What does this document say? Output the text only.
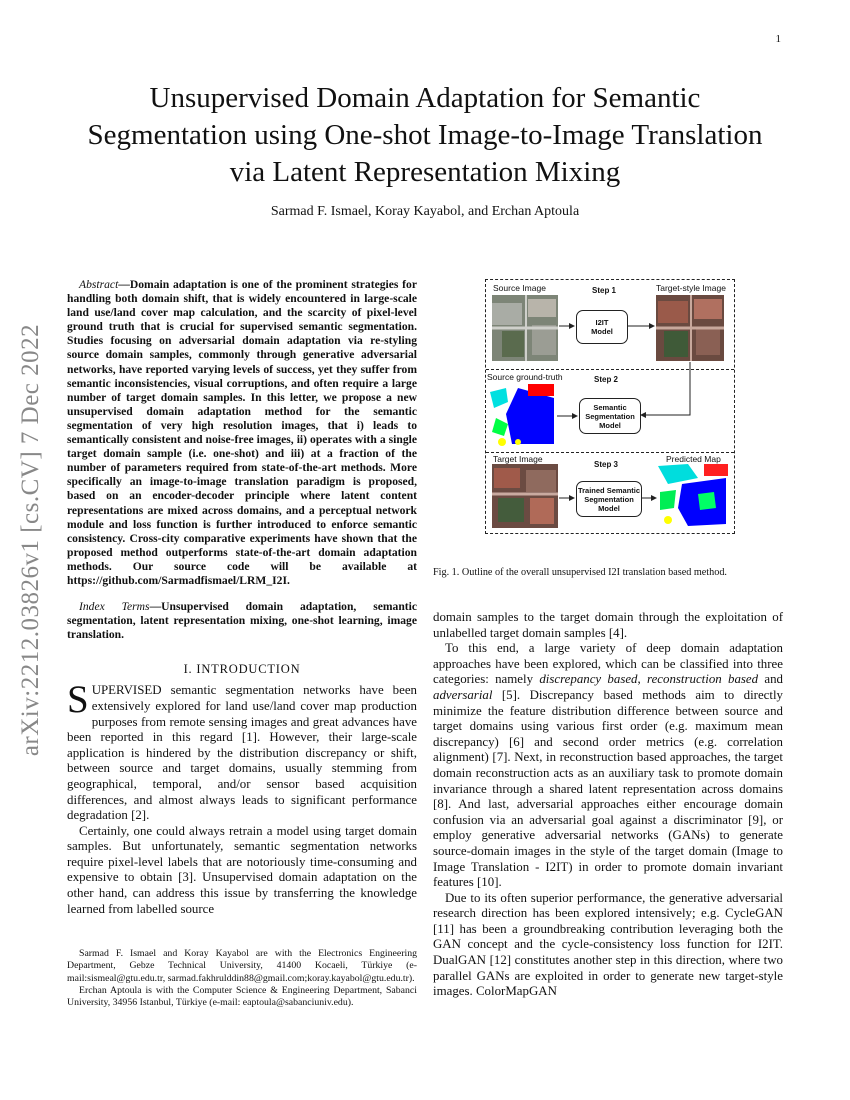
1
arXiv:2212.03826v1 [cs.CV] 7 Dec 2022
Unsupervised Domain Adaptation for Semantic Segmentation using One-shot Image-to-Image Translation via Latent Representation Mixing
Sarmad F. Ismael, Koray Kayabol, and Erchan Aptoula

Abstract—Domain adaptation is one of the prominent strategies for handling both domain shift, that is widely encountered in large-scale land use/land cover map calculation, and the scarcity of pixel-level ground truth that is crucial for supervised semantic segmentation. Studies focusing on adversarial domain adaptation via re-styling source domain samples, commonly through generative adversarial networks, have reported varying levels of success, yet they suffer from semantic inconsistencies, visual corruptions, and often require a large number of target domain samples. In this letter, we propose a new unsupervised domain adaptation method for the semantic segmentation of very high resolution images, that i) leads to semantically consistent and noise-free images, ii) operates with a single target domain sample (i.e. one-shot) and iii) at a fraction of the number of parameters required from state-of-the-art methods. More specifically an image-to-image translation paradigm is proposed, based on an encoder-decoder principle where latent content representations are mixed across domains, and a perceptual network module and loss function is further introduced to enforce semantic consistency. Cross-city comparative experiments have shown that the proposed method outperforms state-of-the-art domain adaptation methods. Our source code will be available at https://github.com/Sarmadfismael/LRM_I2I.

Index Terms—Unsupervised domain adaptation, semantic segmentation, latent representation mixing, one-shot learning, image translation.

I. INTRODUCTION

SUPERVISED semantic segmentation networks have been extensively explored for land use/land cover map production purposes from remote sensing images and great advances have been reported in this regard [1]. However, their large-scale application is hindered by the distribution discrepancy or shift, between source and target domains, usually stemming from geographical, temporal, and/or sensor based acquisition differences, and almost always leads to significant performance degradation [2].

Certainly, one could always retrain a model using target domain samples. But unfortunately, semantic segmentation networks require pixel-level labels that are notoriously time-consuming and expensive to obtain [3]. Unsupervised domain adaptation on the other hand, can address this issue by transferring the knowledge learned from labelled source

Sarmad F. Ismael and Koray Kayabol are with the Electronics Engineering Department, Gebze Technical University, 41400 Kocaeli, Türkiye (e-mail:sismeal@gtu.edu.tr, sarmad.fakhrulddin88@gmail.com;koray.kayabol@gtu.edu.tr).

Erchan Aptoula is with the Computer Science & Engineering Department, Sabanci University, 34956 Istanbul, Türkiye (e-mail: eaptoula@sabanciuniv.edu).

Source Image	Step 1	Target-style Image
I2IT
Model
Source ground-truth	Step 2
Semantic
Segmentation
Model
Target Image
Step 3
Predicted Map
Trained Semantic
Segmentation
Model
Fig. 1. Outline of the overall unsupervised I2I translation based method.

domain samples to the target domain through the exploitation of unlabelled target domain samples [4].

To this end, a large variety of deep domain adaptation approaches have been explored, which can be classified into three categories: namely discrepancy based, reconstruction based and adversarial [5]. Discrepancy based methods aim to directly minimize the feature distribution difference between source and target domains using various first order (e.g. maximum mean discrepancy) [6] and second order metrics (e.g. correlation alignment) [7]. Next, in reconstruction based approaches, the target domain reconstruction acts as an auxiliary task to promote domain invariance through a shared latent representation across domains [8]. And last, adversarial approaches either encourage domain confusion via an adversarial goal against a discriminator [9], or employ generative adversarial networks (GANs) to generate source-domain images in the style of the target domain (Image to Image Translation - I2IT) in order to promote domain invariant features [10].

Due to its often superior performance, the generative adversarial research direction has been explored intensively; e.g. CycleGAN [11] has been a groundbreaking contribution leveraging both the GAN concept and the cycle-consistency loss function for I2IT. DualGAN [12] constitutes another step in this direction, where two parallel GANs are exploited in order to generate new target-style images. ColorMapGAN
